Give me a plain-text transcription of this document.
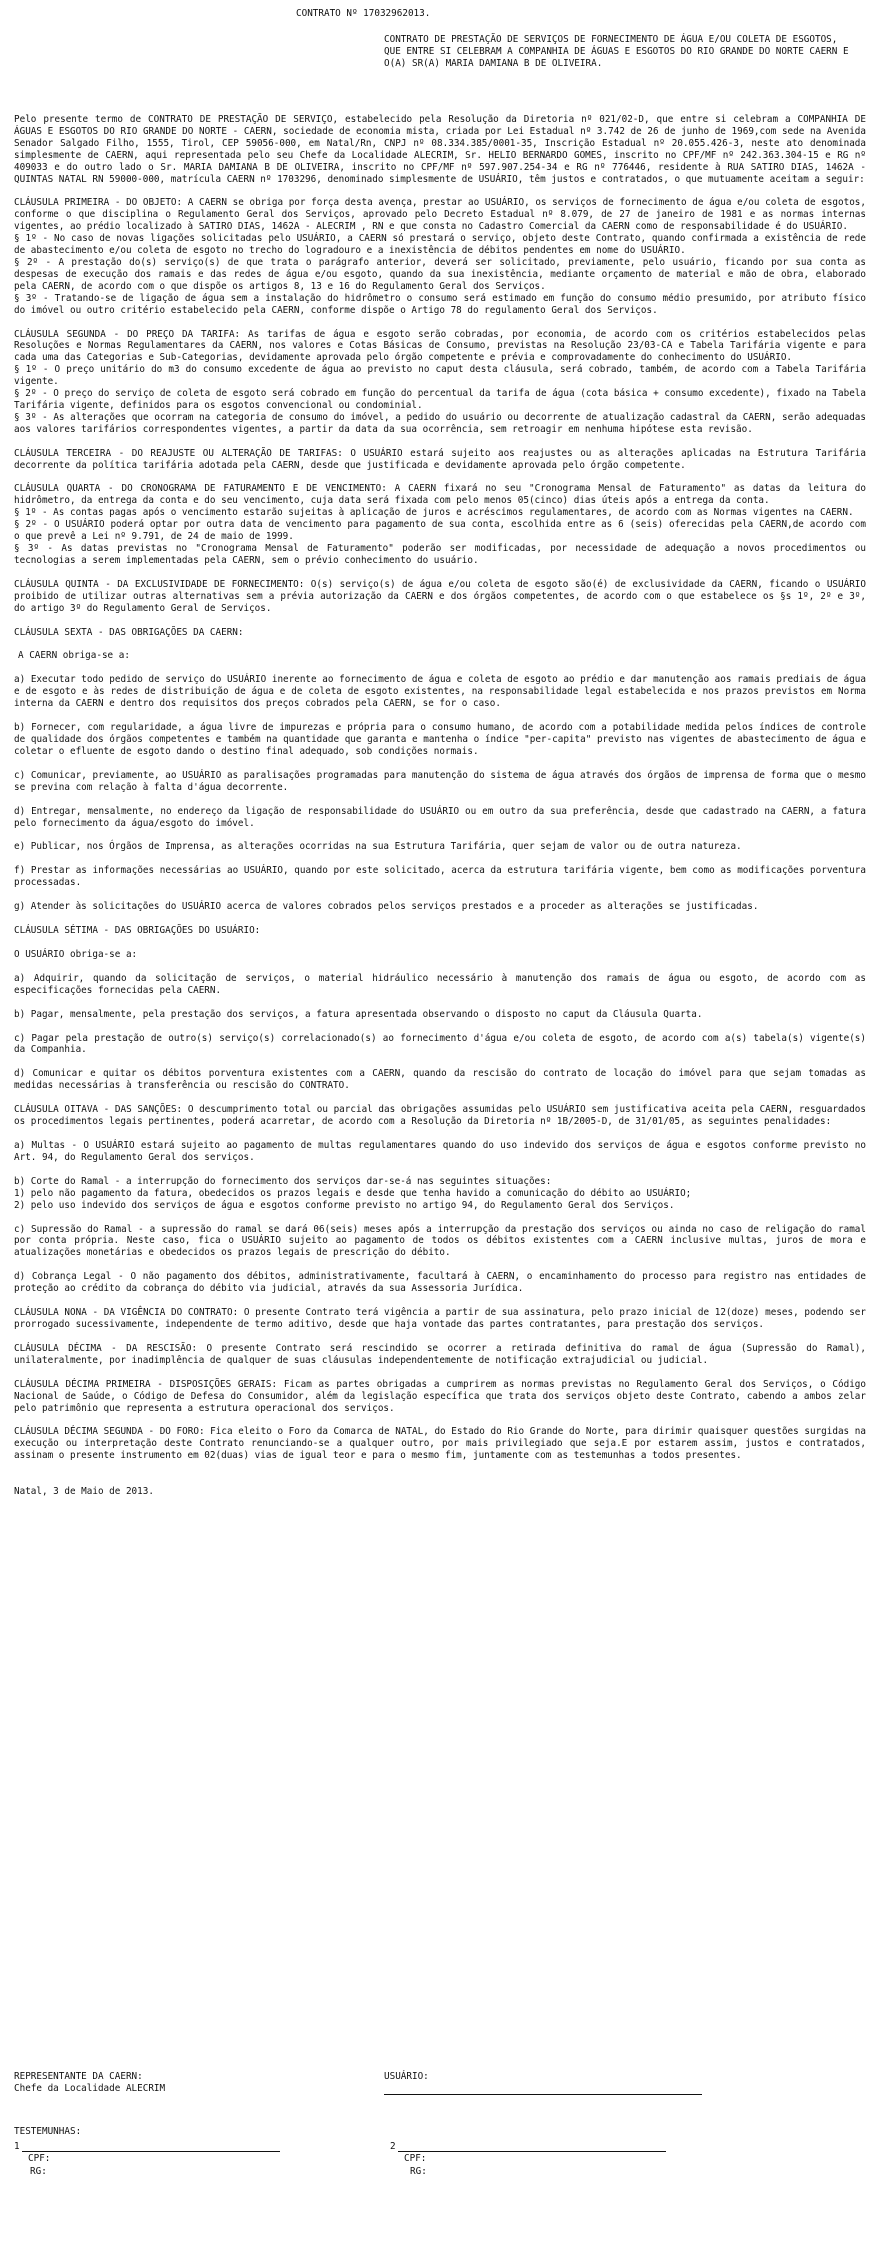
CONTRATO Nº 17032962013.
CONTRATO DE PRESTAÇÃO DE SERVIÇOS DE FORNECIMENTO DE ÁGUA E/OU COLETA DE ESGOTOS, QUE ENTRE SI CELEBRAM A COMPANHIA DE ÁGUAS E ESGOTOS DO RIO GRANDE DO NORTE CAERN E O(A) SR(A) MARIA DAMIANA B DE OLIVEIRA.

Pelo presente termo de CONTRATO DE PRESTAÇÃO DE SERVIÇO, estabelecido pela Resolução da Diretoria nº 021/02-D, que entre si celebram a COMPANHIA DE ÁGUAS E ESGOTOS DO RIO GRANDE DO NORTE - CAERN, sociedade de economia mista, criada por Lei Estadual nº 3.742 de 26 de junho de 1969,com sede na Avenida Senador Salgado Filho, 1555, Tirol, CEP 59056-000, em Natal/Rn, CNPJ nº 08.334.385/0001-35, Inscrição Estadual nº 20.055.426-3, neste ato denominada simplesmente de CAERN, aqui representada pelo seu Chefe da Localidade ALECRIM, Sr. HELIO BERNARDO GOMES, inscrito no CPF/MF nº 242.363.304-15 e RG nº 409033 e do outro lado o Sr. MARIA DAMIANA B DE OLIVEIRA, inscrito no CPF/MF nº 597.907.254-34 e RG nº 776446, residente à RUA SATIRO DIAS, 1462A - QUINTAS NATAL RN 59000-000, matrícula CAERN nº 1703296, denominado simplesmente de USUÁRIO, têm justos e contratados, o que mutuamente aceitam a seguir:

CLÁUSULA PRIMEIRA - DO OBJETO: A CAERN se obriga por força desta avença, prestar ao USUÁRIO, os serviços de fornecimento de água e/ou coleta de esgotos, conforme o que disciplina o Regulamento Geral dos Serviços, aprovado pelo Decreto Estadual nº 8.079, de 27 de janeiro de 1981 e as normas internas vigentes, ao prédio localizado à SATIRO DIAS, 1462A - ALECRIM , RN e que consta no Cadastro Comercial da CAERN como de responsabilidade é do USUÁRIO.
§ 1º - No caso de novas ligações solicitadas pelo USUÁRIO, a CAERN só prestará o serviço, objeto deste Contrato, quando confirmada a existência de rede de abastecimento e/ou coleta de esgoto no trecho do logradouro e a inexistência de débitos pendentes em nome do USUÁRIO.
§ 2º - A prestação do(s) serviço(s) de que trata o parágrafo anterior, deverá ser solicitado, previamente, pelo usuário, ficando por sua conta as despesas de execução dos ramais e das redes de água e/ou esgoto, quando da sua inexistência, mediante orçamento de material e mão de obra, elaborado pela CAERN, de acordo com o que dispõe os artigos 8, 13 e 16 do Regulamento Geral dos Serviços.
§ 3º - Tratando-se de ligação de água sem a instalação do hidrômetro o consumo será estimado em função do consumo médio presumido, por atributo físico do imóvel ou outro critério estabelecido pela CAERN, conforme dispõe o Artigo 78 do regulamento Geral dos Serviços.
CLÁUSULA SEGUNDA - DO PREÇO DA TARIFA: As tarifas de água e esgoto serão cobradas, por economia, de acordo com os critérios estabelecidos pelas Resoluções e Normas Regulamentares da CAERN, nos valores e Cotas Básicas de Consumo, previstas na Resolução 23/03-CA e Tabela Tarifária vigente e para cada uma das Categorias e Sub-Categorias, devidamente aprovada pelo órgão competente e prévia e comprovadamente do conhecimento do USUÁRIO.
§ 1º - O preço unitário do m3 do consumo excedente de água ao previsto no caput desta cláusula, será cobrado, também, de acordo com a Tabela Tarifária vigente.
§ 2º - O preço do serviço de coleta de esgoto será cobrado em função do percentual da tarifa de água (cota básica + consumo excedente), fixado na Tabela Tarifária vigente, definidos para os esgotos convencional ou condominial.
§ 3º - As alterações que ocorram na categoria de consumo do imóvel, a pedido do usuário ou decorrente de atualização cadastral da CAERN, serão adequadas aos valores tarifários correspondentes vigentes, a partir da data da sua ocorrência, sem retroagir em nenhuma hipótese esta revisão.

CLÁUSULA TERCEIRA - DO REAJUSTE OU ALTERAÇÃO DE TARIFAS: O USUÁRIO estará sujeito aos reajustes ou as alterações aplicadas na Estrutura Tarifária decorrente da política tarifária adotada pela CAERN, desde que justificada e devidamente aprovada pelo órgão competente.

CLÁUSULA QUARTA - DO CRONOGRAMA DE FATURAMENTO E DE VENCIMENTO: A CAERN fixará no seu "Cronograma Mensal de Faturamento" as datas da leitura do hidrômetro, da entrega da conta e do seu vencimento, cuja data será fixada com pelo menos 05(cinco) dias úteis após a entrega da conta.
§ 1º - As contas pagas após o vencimento estarão sujeitas à aplicação de juros e acréscimos regulamentares, de acordo com as Normas vigentes na CAERN.
§ 2º - O USUÁRIO poderá optar por outra data de vencimento para pagamento de sua conta, escolhida entre as 6 (seis) oferecidas pela CAERN,de acordo com o que prevê a Lei nº 9.791, de 24 de maio de 1999.
§ 3º - As datas previstas no "Cronograma Mensal de Faturamento" poderão ser modificadas, por necessidade de adequação a novos procedimentos ou tecnologias a serem implementadas pela CAERN, sem o prévio conhecimento do usuário.

CLÁUSULA QUINTA - DA EXCLUSIVIDADE DE FORNECIMENTO: O(s) serviço(s) de água e/ou coleta de esgoto são(é) de exclusividade da CAERN, ficando o USUÁRIO proibido de utilizar outras alternativas sem a prévia autorização da CAERN e dos órgãos competentes, de acordo com o que estabelece os §s 1º, 2º e 3º, do artigo 3º do Regulamento Geral de Serviços.

CLÁUSULA SEXTA - DAS OBRIGAÇÕES DA CAERN:

A CAERN obriga-se a:

a) Executar todo pedido de serviço do USUÁRIO inerente ao fornecimento de água e coleta de esgoto ao prédio e dar manutenção aos ramais prediais de água e de esgoto e às redes de distribuição de água e de coleta de esgoto existentes, na responsabilidade legal estabelecida e nos prazos previstos em Norma interna da CAERN e dentro dos requisitos dos preços cobrados pela CAERN, se for o caso.

b) Fornecer, com regularidade, a água livre de impurezas e própria para o consumo humano, de acordo com a potabilidade medida pelos índices de controle de qualidade dos órgãos competentes e também na quantidade que garanta e mantenha o índice "per-capita" previsto nas vigentes de abastecimento de água e coletar o efluente de esgoto dando o destino final adequado, sob condições normais.

c) Comunicar, previamente, ao USUÁRIO as paralisações programadas para manutenção do sistema de água através dos órgãos de imprensa de forma que o mesmo se previna com relação à falta d'água decorrente.

d) Entregar, mensalmente, no endereço da ligação de responsabilidade do USUÁRIO ou em outro da sua preferência, desde que cadastrado na CAERN, a fatura pelo fornecimento da água/esgoto do imóvel.

e) Publicar, nos Órgãos de Imprensa, as alterações ocorridas na sua Estrutura Tarifária, quer sejam de valor ou de outra natureza.

f) Prestar as informações necessárias ao USUÁRIO, quando por este solicitado, acerca da estrutura tarifária vigente, bem como as modificações porventura processadas.

g) Atender às solicitações do USUÁRIO acerca de valores cobrados pelos serviços prestados e a proceder as alterações se justificadas.

CLÁUSULA SÉTIMA - DAS OBRIGAÇÕES DO USUÁRIO:

O USUÁRIO obriga-se a:

a) Adquirir, quando da solicitação de serviços, o material hidráulico necessário à manutenção dos ramais de água ou esgoto, de acordo com as especificações fornecidas pela CAERN.

b) Pagar, mensalmente, pela prestação dos serviços, a fatura apresentada observando o disposto no caput da Cláusula Quarta.

c) Pagar pela prestação de outro(s) serviço(s) correlacionado(s) ao fornecimento d'água e/ou coleta de esgoto, de acordo com a(s) tabela(s) vigente(s) da Companhia.

d) Comunicar e quitar os débitos porventura existentes com a CAERN, quando da rescisão do contrato de locação do imóvel para que sejam tomadas as medidas necessárias à transferência ou rescisão do CONTRATO.

CLÁUSULA OITAVA - DAS SANÇÕES: O descumprimento total ou parcial das obrigações assumidas pelo USUÁRIO sem justificativa aceita pela CAERN, resguardados os procedimentos legais pertinentes, poderá acarretar, de acordo com a Resolução da Diretoria nº 1B/2005-D, de 31/01/05, as seguintes penalidades:

a) Multas - O USUÁRIO estará sujeito ao pagamento de multas regulamentares quando do uso indevido dos serviços de água e esgotos conforme previsto no Art. 94, do Regulamento Geral dos serviços.

b) Corte do Ramal - a interrupção do fornecimento dos serviços dar-se-á nas seguintes situações:
1) pelo não pagamento da fatura, obedecidos os prazos legais e desde que tenha havido a comunicação do débito ao USUÁRIO;
2) pelo uso indevido dos serviços de água e esgotos conforme previsto no artigo 94, do Regulamento Geral dos Serviços.

c) Supressão do Ramal - a supressão do ramal se dará 06(seis) meses após a interrupção da prestação dos serviços ou ainda no caso de religação do ramal por conta própria. Neste caso, fica o USUÁRIO sujeito ao pagamento de todos os débitos existentes com a CAERN inclusive multas, juros de mora e atualizações monetárias e obedecidos os prazos legais de prescrição do débito.

d) Cobrança Legal - O não pagamento dos débitos, administrativamente, facultará à CAERN, o encaminhamento do processo para registro nas entidades de proteção ao crédito da cobrança do débito via judicial, através da sua Assessoria Jurídica.

CLÁUSULA NONA - DA VIGÊNCIA DO CONTRATO: O presente Contrato terá vigência a partir de sua assinatura, pelo prazo inicial de 12(doze) meses, podendo ser prorrogado sucessivamente, independente de termo aditivo, desde que haja vontade das partes contratantes, para prestação dos serviços.

CLÁUSULA DÉCIMA - DA RESCISÃO: O presente Contrato será rescindido se ocorrer a retirada definitiva do ramal de água (Supressão do Ramal), unilateralmente, por inadimplência de qualquer de suas cláusulas independentemente de notificação extrajudicial ou judicial.

CLÁUSULA DÉCIMA PRIMEIRA - DISPOSIÇÕES GERAIS: Ficam as partes obrigadas a cumprirem as normas previstas no Regulamento Geral dos Serviços, o Código Nacional de Saúde, o Código de Defesa do Consumidor, além da legislação específica que trata dos serviços objeto deste Contrato, cabendo a ambos zelar pelo patrimônio que representa a estrutura operacional dos serviços.

CLÁUSULA DÉCIMA SEGUNDA - DO FORO: Fica eleito o Foro da Comarca de NATAL, do Estado do Rio Grande do Norte, para dirimir quaisquer questões surgidas na execução ou interpretação deste Contrato renunciando-se a qualquer outro, por mais privilegiado que seja.E por estarem assim, justos e contratados, assinam o presente instrumento em 02(duas) vias de igual teor e para o mesmo fim, juntamente com as testemunhas a todos presentes.

Natal, 3 de Maio de 2013.

REPRESENTANTE DA CAERN:
Chefe da Localidade ALECRIM
USUÁRIO:
TESTEMUNHAS:
1
CPF:
RG:
2
CPF:
RG:
